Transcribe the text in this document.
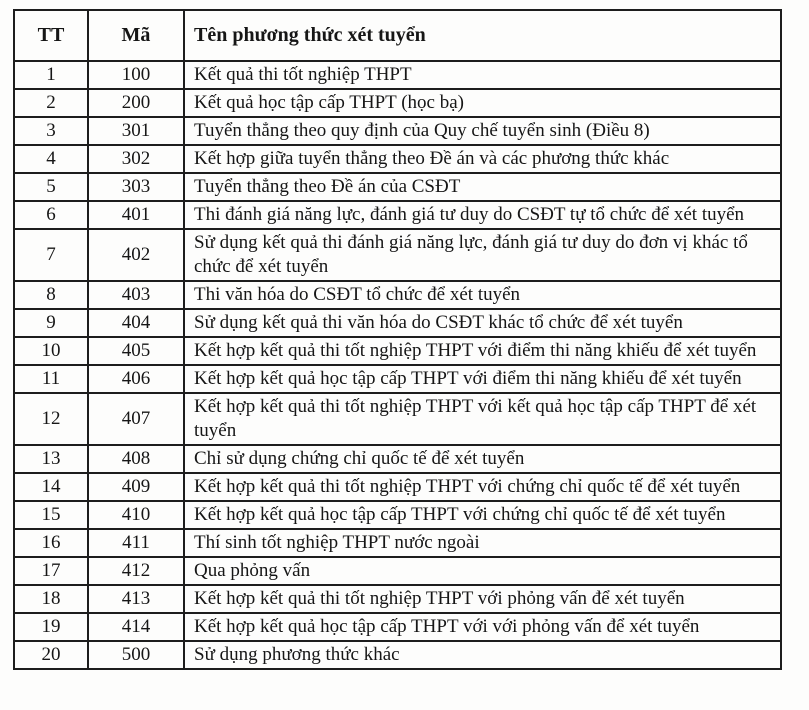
TT	Mã	Tên phương thức xét tuyển
1	100	Kết quả thi tốt nghiệp THPT
2	200	Kết quả học tập cấp THPT (học bạ)
3	301	Tuyển thẳng theo quy định của Quy chế tuyển sinh (Điều 8)
4	302	Kết hợp giữa tuyển thẳng theo Đề án và các phương thức khác
5	303	Tuyển thẳng theo Đề án của CSĐT
6	401	Thi đánh giá năng lực, đánh giá tư duy do CSĐT tự tổ chức để xét tuyển
7	402	Sử dụng kết quả thi đánh giá năng lực, đánh giá tư duy do đơn vị khác tổ chức để xét tuyển
8	403	Thi văn hóa do CSĐT tổ chức để xét tuyển
9	404	Sử dụng kết quả thi văn hóa do CSĐT khác tổ chức để xét tuyển
10	405	Kết hợp kết quả thi tốt nghiệp THPT với điểm thi năng khiếu để xét tuyển
11	406	Kết hợp kết quả học tập cấp THPT với điểm thi năng khiếu để xét tuyển
12	407	Kết hợp kết quả thi tốt nghiệp THPT với kết quả học tập cấp THPT để xét tuyển
13	408	Chỉ sử dụng chứng chỉ quốc tế để xét tuyển
14	409	Kết hợp kết quả thi tốt nghiệp THPT với chứng chỉ quốc tế để xét tuyển
15	410	Kết hợp kết quả học tập cấp THPT với chứng chỉ quốc tế để xét tuyển
16	411	Thí sinh tốt nghiệp THPT nước ngoài
17	412	Qua phỏng vấn
18	413	Kết hợp kết quả thi tốt nghiệp THPT với phỏng vấn để xét tuyển
19	414	Kết hợp kết quả học tập cấp THPT với với phỏng vấn để xét tuyển
20	500	Sử dụng phương thức khác
